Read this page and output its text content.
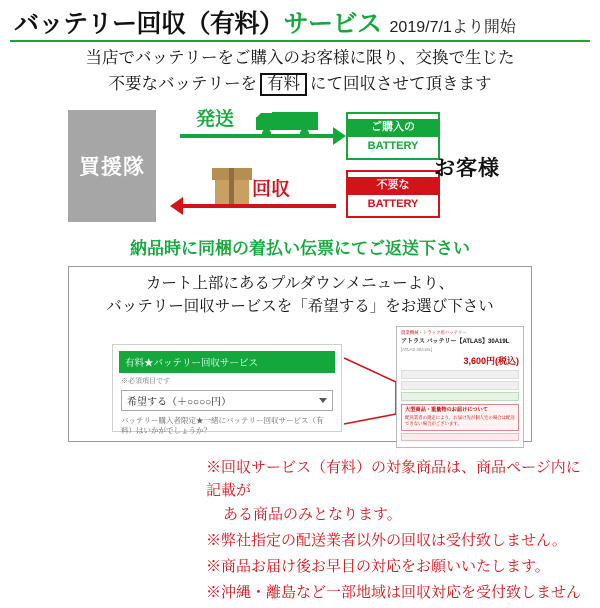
バッテリー回収（有料）サービス 2019/7/1より開始
当店でバッテリーをご購入のお客様に限り、交換で生じた
不要なバッテリーを 有料 にて回収させて頂きます
買援隊
発送
回収
ご購入の
BATTERY
不要な
BATTERY
お客様
納品時に同梱の着払い伝票にてご返送下さい
カート上部にあるプルダウンメニューより、
バッテリー回収サービスを「希望する」をお選び下さい
有料★バッテリー回収サービス
※必須項目です
希望する（＋○○○○円）
バッテリー購入者限定★一緒にバッテリー回収サービス（有料）はいかがでしょうか？
農業機械・トラック用バッテリー
アトラス バッテリー【ATLAS】30A19L
[ATLAS-30A19L]
3,600円(税込)
大型商品・重量物のお届けについて
配送業者の規定により、お届け先が個人宅の場合は配送できない場合がございます。
※回収サービス（有料）の対象商品は、商品ページ内に記載が
ある商品のみとなります。
※弊社指定の配送業者以外の回収は受付致しません。
※商品お届け後お早目の対応をお願いいたします。
※沖縄・離島など一部地域は回収対応を受付致しません
